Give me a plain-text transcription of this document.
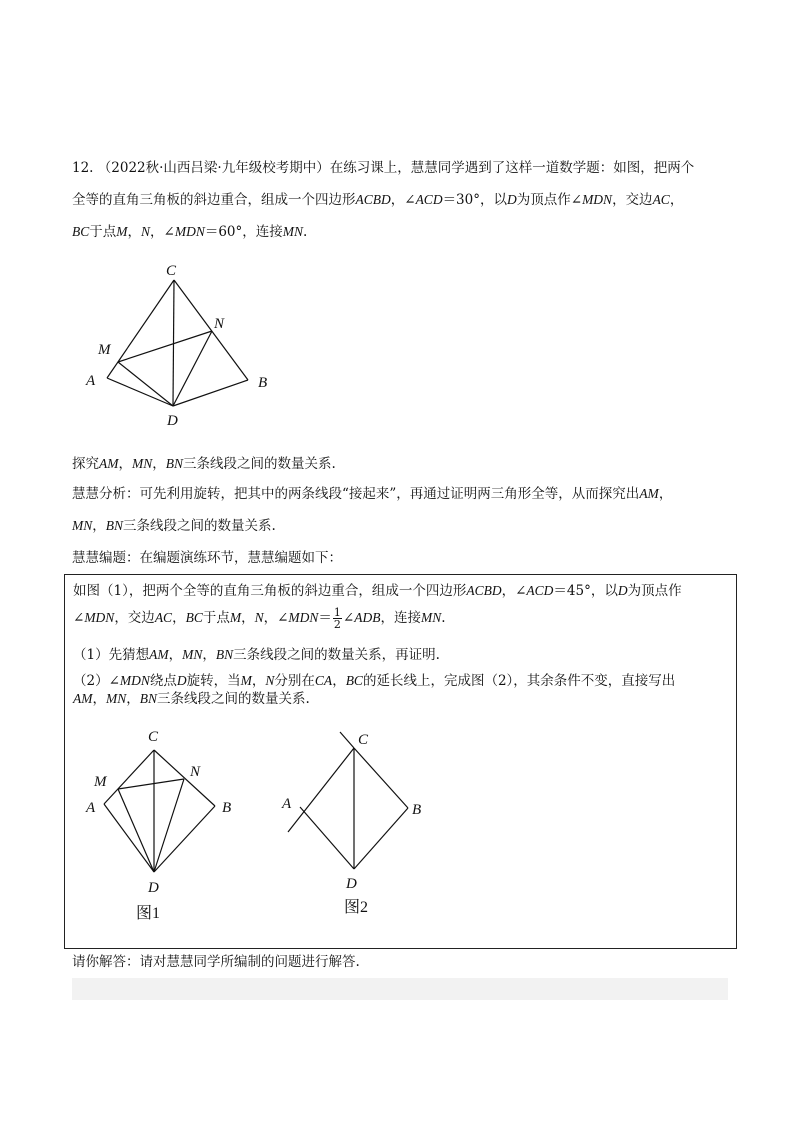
12. （2022秋·山西吕梁·九年级校考期中）在练习课上，慧慧同学遇到了这样一道数学题：如图，把两个
全等的直角三角板的斜边重合，组成一个四边形ACBD，∠ACD＝30°，以D为顶点作∠MDN，交边AC，
BC于点M，N，∠MDN＝60°，连接MN.
C
N
M
A	B
D
探究AM，MN，BN三条线段之间的数量关系.
慧慧分析：可先利用旋转，把其中的两条线段“接起来”，再通过证明两三角形全等，从而探究出AM，
MN，BN三条线段之间的数量关系.
慧慧编题：在编题演练环节，慧慧编题如下：
如图（1），把两个全等的直角三角板的斜边重合，组成一个四边形ACBD，∠ACD＝45°，以D为顶点作
∠MDN，交边AC，BC于点M，N，∠MDN＝ $\frac{1}{2}$ ∠ADB，连接MN.
（1）先猜想AM，MN，BN三条线段之间的数量关系，再证明.
（2）∠MDN绕点D旋转，当M，N分别在CA，BC的延长线上，完成图（2），其余条件不变，直接写出
AM，MN，BN三条线段之间的数量关系.
C
N
M
A	B
D
图1
C
A	B
D
图2
请你解答：请对慧慧同学所编制的问题进行解答.
